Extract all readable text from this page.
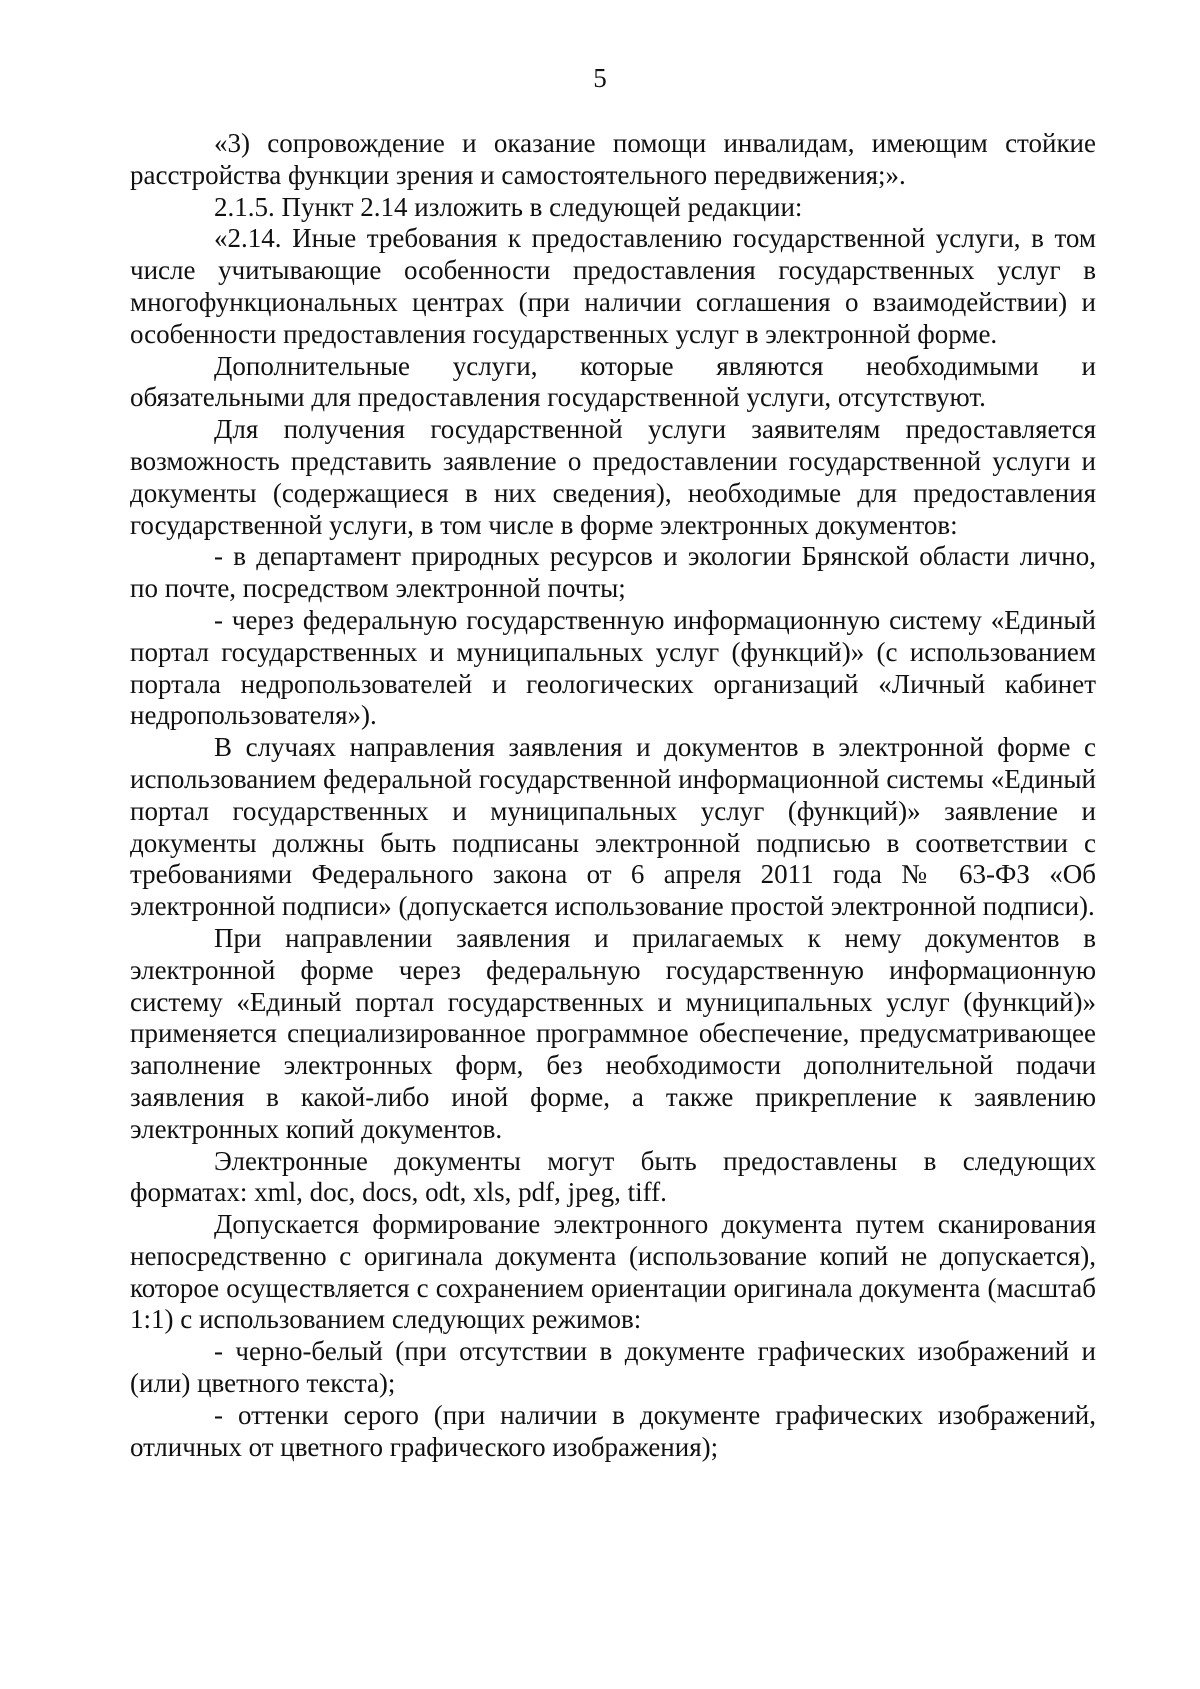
5

«3) сопровождение и оказание помощи инвалидам, имеющим стойкие расстройства функции зрения и самостоятельного передвижения;».

2.1.5. Пункт 2.14 изложить в следующей редакции:

«2.14. Иные требования к предоставлению государственной услуги, в том числе учитывающие особенности предоставления государственных услуг в многофункциональных центрах (при наличии соглашения о взаимодействии) и особенности предоставления государственных услуг в электронной форме.

Дополнительные услуги, которые являются необходимыми и обязательными для предоставления государственной услуги, отсутствуют.

Для получения государственной услуги заявителям предоставляется возможность представить заявление о предоставлении государственной услуги и документы (содержащиеся в них сведения), необходимые для предоставления государственной услуги, в том числе в форме электронных документов:

- в департамент природных ресурсов и экологии Брянской области лично, по почте, посредством электронной почты;

- через федеральную государственную информационную систему «Единый портал государственных и муниципальных услуг (функций)» (с использованием портала недропользователей и геологических организаций «Личный кабинет недропользователя»).

В случаях направления заявления и документов в электронной форме с использованием федеральной государственной информационной системы «Единый портал государственных и муниципальных услуг (функций)» заявление и документы должны быть подписаны электронной подписью в соответствии с требованиями Федерального закона от 6 апреля 2011 года № 63-ФЗ «Об электронной подписи» (допускается использование простой электронной подписи).

При направлении заявления и прилагаемых к нему документов в электронной форме через федеральную государственную информационную систему «Единый портал государственных и муниципальных услуг (функций)» применяется специализированное программное обеспечение, предусматривающее заполнение электронных форм, без необходимости дополнительной подачи заявления в какой-либо иной форме, а также прикрепление к заявлению электронных копий документов.

Электронные документы могут быть предоставлены в следующих форматах: xml, doc, docs, odt, xls, pdf, jpeg, tiff.

Допускается формирование электронного документа путем сканирования непосредственно с оригинала документа (использование копий не допускается), которое осуществляется с сохранением ориентации оригинала документа (масштаб 1:1) с использованием следующих режимов:

- черно-белый (при отсутствии в документе графических изображений и (или) цветного текста);

- оттенки серого (при наличии в документе графических изображений, отличных от цветного графического изображения);
